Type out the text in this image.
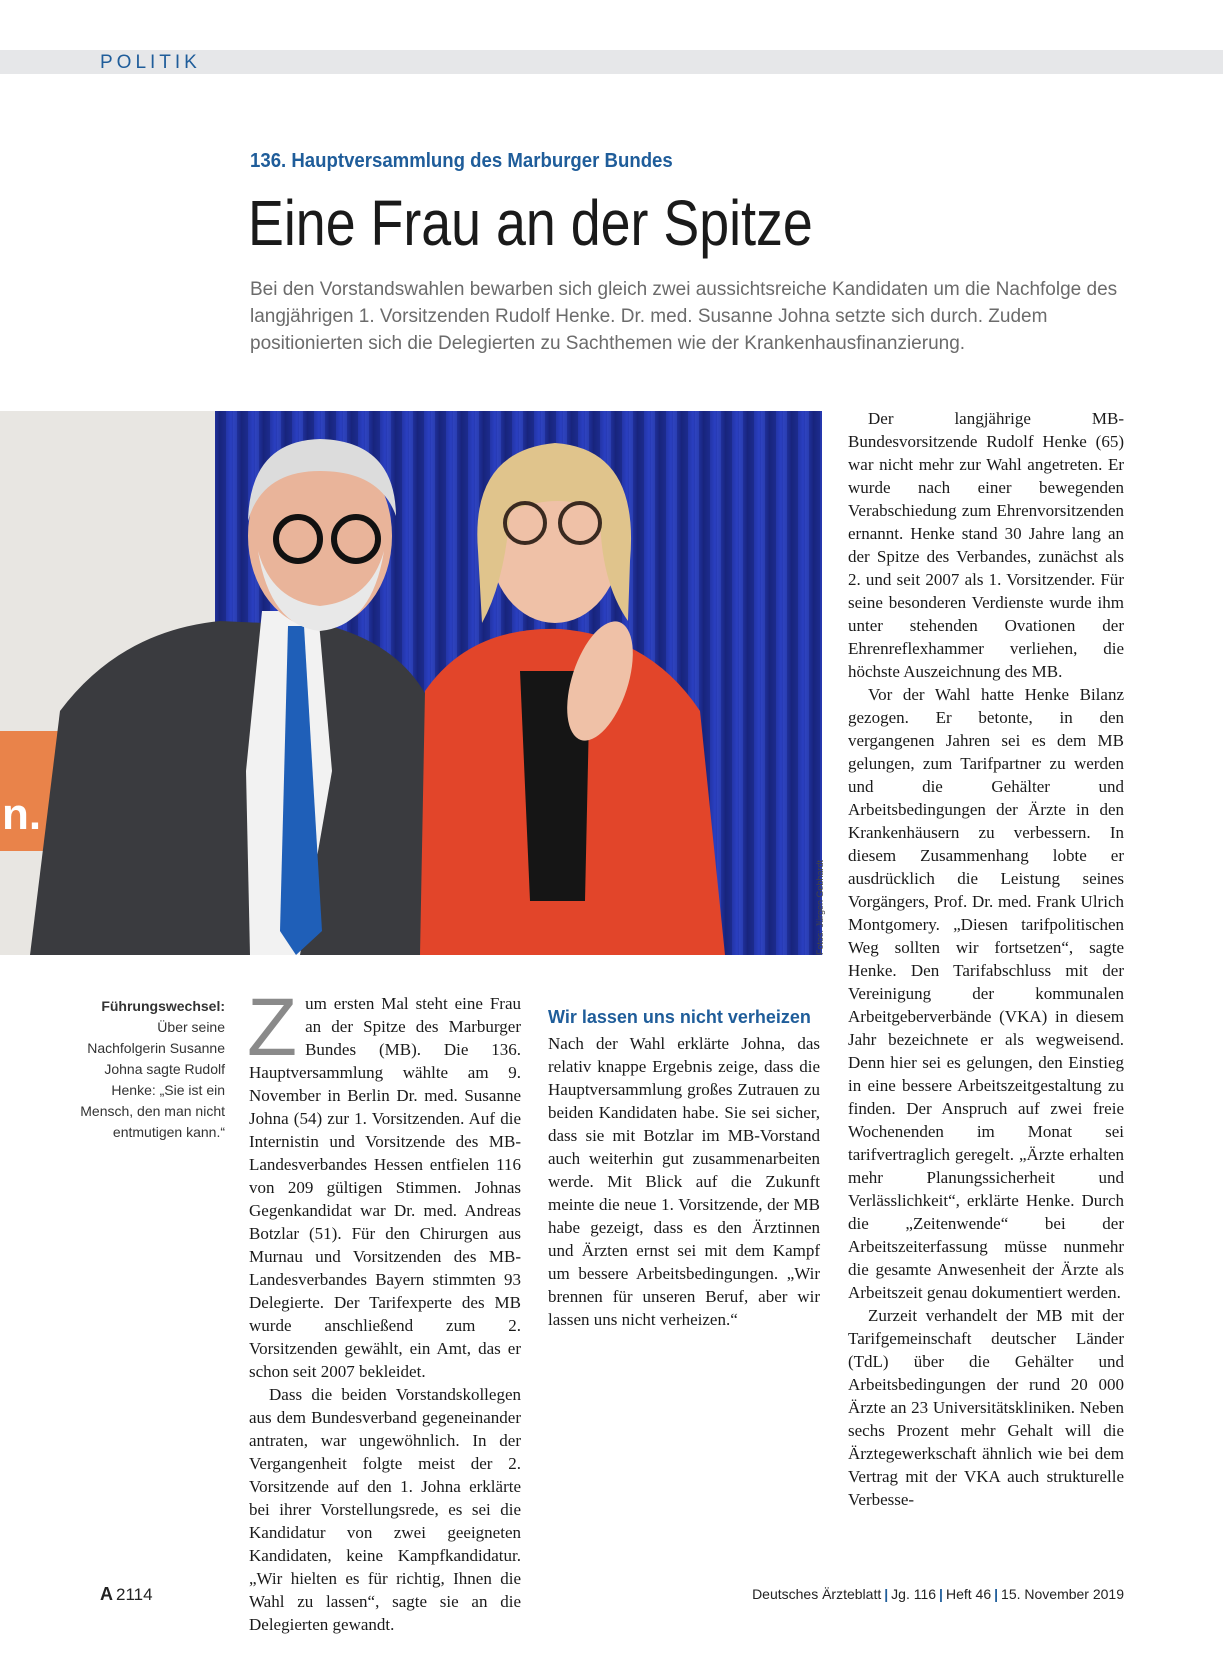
POLITIK
136. Hauptversammlung des Marburger Bundes
Eine Frau an der Spitze
Bei den Vorstandswahlen bewarben sich gleich zwei aussichtsreiche Kandidaten um die Nachfolge des langjährigen 1. Vorsitzenden Rudolf Henke. Dr. med. Susanne Johna setzte sich durch. Zudem positionierten sich die Delegierten zu Sachthemen wie der Krankenhausfinanzierung.
n.
Fotos: Jürgen Gebhardt
Führungswechsel:
Über seine Nachfolgerin Susanne Johna sagte Rudolf Henke: „Sie ist ein Mensch, den man nicht entmutigen kann.“

Zum ersten Mal steht eine Frau an der Spitze des Marburger Bundes (MB). Die 136. Hauptversammlung wählte am 9. November in Berlin Dr. med. Susanne Johna (54) zur 1. Vorsitzenden. Auf die Internistin und Vorsitzende des MB-Landesverbandes Hessen entfielen 116 von 209 gültigen Stimmen. Johnas Gegenkandidat war Dr. med. Andreas Botzlar (51). Für den Chirurgen aus Murnau und Vorsitzenden des MB-Landesverbandes Bayern stimmten 93 Delegierte. Der Tarifexperte des MB wurde anschließend zum 2. Vorsitzenden gewählt, ein Amt, das er schon seit 2007 bekleidet.

Dass die beiden Vorstandskollegen aus dem Bundesverband gegeneinander antraten, war ungewöhnlich. In der Vergangenheit folgte meist der 2. Vorsitzende auf den 1. Johna erklärte bei ihrer Vorstellungsrede, es sei die Kandidatur von zwei geeigneten Kandidaten, keine Kampfkandidatur. „Wir hielten es für richtig, Ihnen die Wahl zu lassen“, sagte sie an die Delegierten gewandt.

Wir lassen uns nicht verheizen

Nach der Wahl erklärte Johna, das relativ knappe Ergebnis zeige, dass die Hauptversammlung großes Zutrauen zu beiden Kandidaten habe. Sie sei sicher, dass sie mit Botzlar im MB-Vorstand auch weiterhin gut zusammenarbeiten werde. Mit Blick auf die Zukunft meinte die neue 1. Vorsitzende, der MB habe gezeigt, dass es den Ärztinnen und Ärzten ernst sei mit dem Kampf um bessere Arbeitsbedingungen. „Wir brennen für unseren Beruf, aber wir lassen uns nicht verheizen.“

Der langjährige MB-Bundesvorsitzende Rudolf Henke (65) war nicht mehr zur Wahl angetreten. Er wurde nach einer bewegenden Verabschiedung zum Ehrenvorsitzenden ernannt. Henke stand 30 Jahre lang an der Spitze des Verbandes, zunächst als 2. und seit 2007 als 1. Vorsitzender. Für seine besonderen Verdienste wurde ihm unter stehenden Ovationen der Ehrenreflexhammer verliehen, die höchste Auszeichnung des MB.

Vor der Wahl hatte Henke Bilanz gezogen. Er betonte, in den vergangenen Jahren sei es dem MB gelungen, zum Tarifpartner zu werden und die Gehälter und Arbeitsbedingungen der Ärzte in den Krankenhäusern zu verbessern. In diesem Zusammenhang lobte er ausdrücklich die Leistung seines Vorgängers, Prof. Dr. med. Frank Ulrich Montgomery. „Diesen tarifpolitischen Weg sollten wir fortsetzen“, sagte Henke. Den Tarifabschluss mit der Vereinigung der kommunalen Arbeitgeberverbände (VKA) in diesem Jahr bezeichnete er als wegweisend. Denn hier sei es gelungen, den Einstieg in eine bessere Arbeitszeitgestaltung zu finden. Der Anspruch auf zwei freie Wochenenden im Monat sei tarifvertraglich geregelt. „Ärzte erhalten mehr Planungssicherheit und Verlässlichkeit“, erklärte Henke. Durch die „Zeitenwende“ bei der Arbeitszeiterfassung müsse nunmehr die gesamte Anwesenheit der Ärzte als Arbeitszeit genau dokumentiert werden.

Zurzeit verhandelt der MB mit der Tarifgemeinschaft deutscher Länder (TdL) über die Gehälter und Arbeitsbedingungen der rund 20 000 Ärzte an 23 Universitätskliniken. Neben sechs Prozent mehr Gehalt will die Ärztegewerkschaft ähnlich wie bei dem Vertrag mit der VKA auch strukturelle Verbesse-

A 2114	Deutsches Ärzteblatt | Jg. 116 | Heft 46 | 15. November 2019
